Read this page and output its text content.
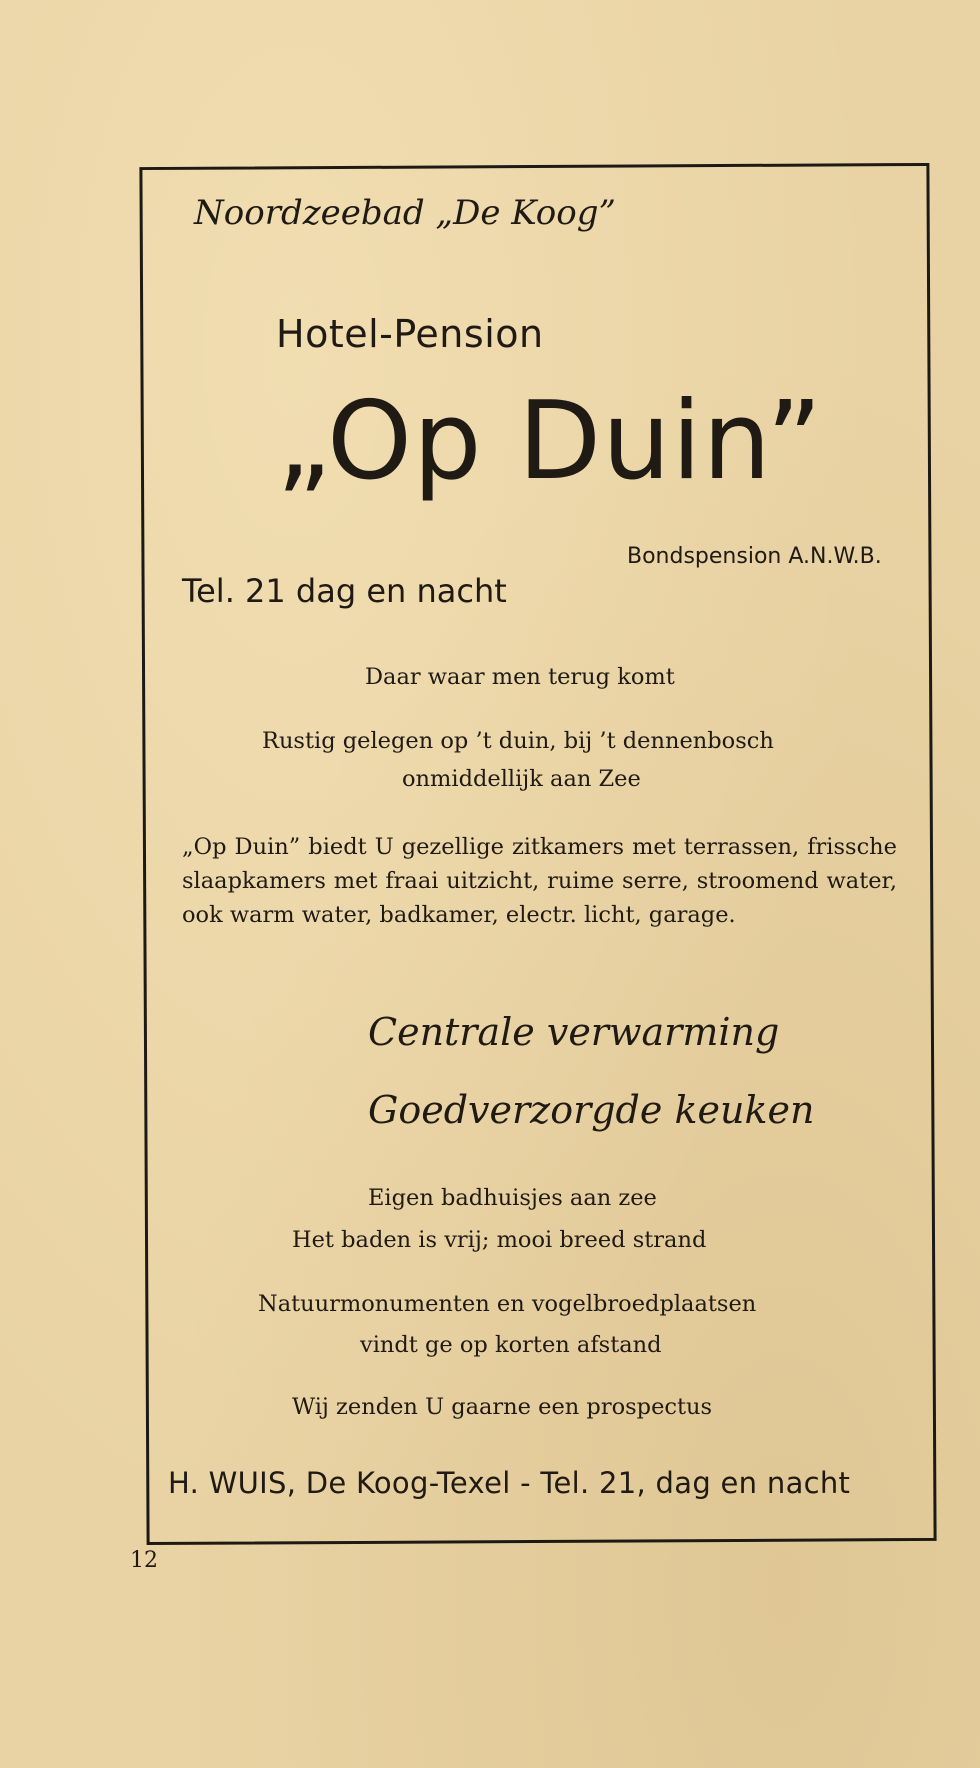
Noordzeebad „De Koog”
Hotel-Pension
„Op Duin”
Bondspension A.N.W.B.
Tel. 21 dag en nacht
Daar waar men terug komt
Rustig gelegen op ’t duin, bij ’t dennenbosch
onmiddellijk aan Zee
„Op Duin” biedt U gezellige zitkamers met terrassen, frissche slaapkamers met fraai uitzicht, ruime serre, stroomend water, ook warm water, badkamer, electr. licht, garage.
Centrale verwarming
Goedverzorgde keuken
Eigen badhuisjes aan zee
Het baden is vrij; mooi breed strand
Natuurmonumenten en vogelbroedplaatsen
vindt ge op korten afstand
Wij zenden U gaarne een prospectus
H. WUIS, De Koog-Texel - Tel. 21, dag en nacht
12
